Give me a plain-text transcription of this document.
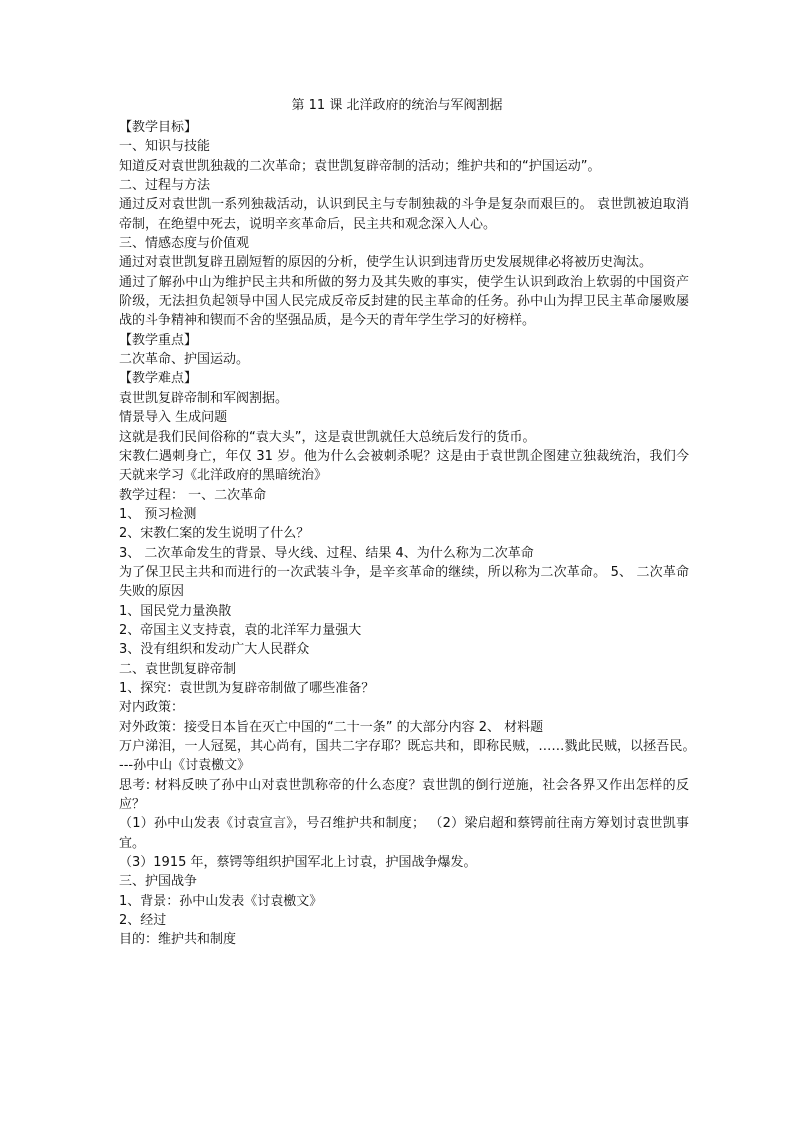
第 11 课 北洋政府的统治与军阀割据

【教学目标】

一、知识与技能

知道反对袁世凯独裁的二次革命；袁世凯复辟帝制的活动；维护共和的“护国运动”。

二、过程与方法

通过反对袁世凯一系列独裁活动，认识到民主与专制独裁的斗争是复杂而艰巨的。 袁世凯被迫取消帝制，在绝望中死去，说明辛亥革命后，民主共和观念深入人心。

三、情感态度与价值观

通过对袁世凯复辟丑剧短暂的原因的分析，使学生认识到违背历史发展规律必将被历史淘汰。

通过了解孙中山为维护民主共和所做的努力及其失败的事实，使学生认识到政治上软弱的中国资产阶级，无法担负起领导中国人民完成反帝反封建的民主革命的任务。孙中山为捍卫民主革命屡败屡战的斗争精神和锲而不舍的坚强品质，是今天的青年学生学习的好榜样。

【教学重点】

二次革命、护国运动。

【教学难点】

袁世凯复辟帝制和军阀割据。

情景导入 生成问题

这就是我们民间俗称的“袁大头”，这是袁世凯就任大总统后发行的货币。

宋教仁遇刺身亡，年仅 31 岁。他为什么会被刺杀呢？这是由于袁世凯企图建立独裁统治，我们今天就来学习《北洋政府的黑暗统治》

教学过程： 一、二次革命

1、 预习检测

2、宋教仁案的发生说明了什么？

3、 二次革命发生的背景、导火线、过程、结果 4、为什么称为二次革命

为了保卫民主共和而进行的一次武装斗争，是辛亥革命的继续，所以称为二次革命。 5、 二次革命失败的原因

1、国民党力量涣散

2、帝国主义支持袁，袁的北洋军力量强大

3、没有组织和发动广大人民群众

二、袁世凯复辟帝制

1、探究：袁世凯为复辟帝制做了哪些准备？

对内政策：

对外政策：接受日本旨在灭亡中国的“二十一条” 的大部分内容 2、 材料题

万户涕泪，一人冠冕，其心尚有，国共二字存耶？既忘共和，即称民贼，……戮此民贼，以拯吾民。　　　---孙中山《讨袁檄文》

思考: 材料反映了孙中山对袁世凯称帝的什么态度？袁世凯的倒行逆施，社会各界又作出怎样的反应？

（1）孙中山发表《讨袁宣言》，号召维护共和制度； （2）梁启超和蔡锷前往南方筹划讨袁世凯事宜。

（3）1915 年，蔡锷等组织护国军北上讨袁，护国战争爆发。

三、护国战争

1、背景：孙中山发表《讨袁檄文》

2、经过

目的：维护共和制度
